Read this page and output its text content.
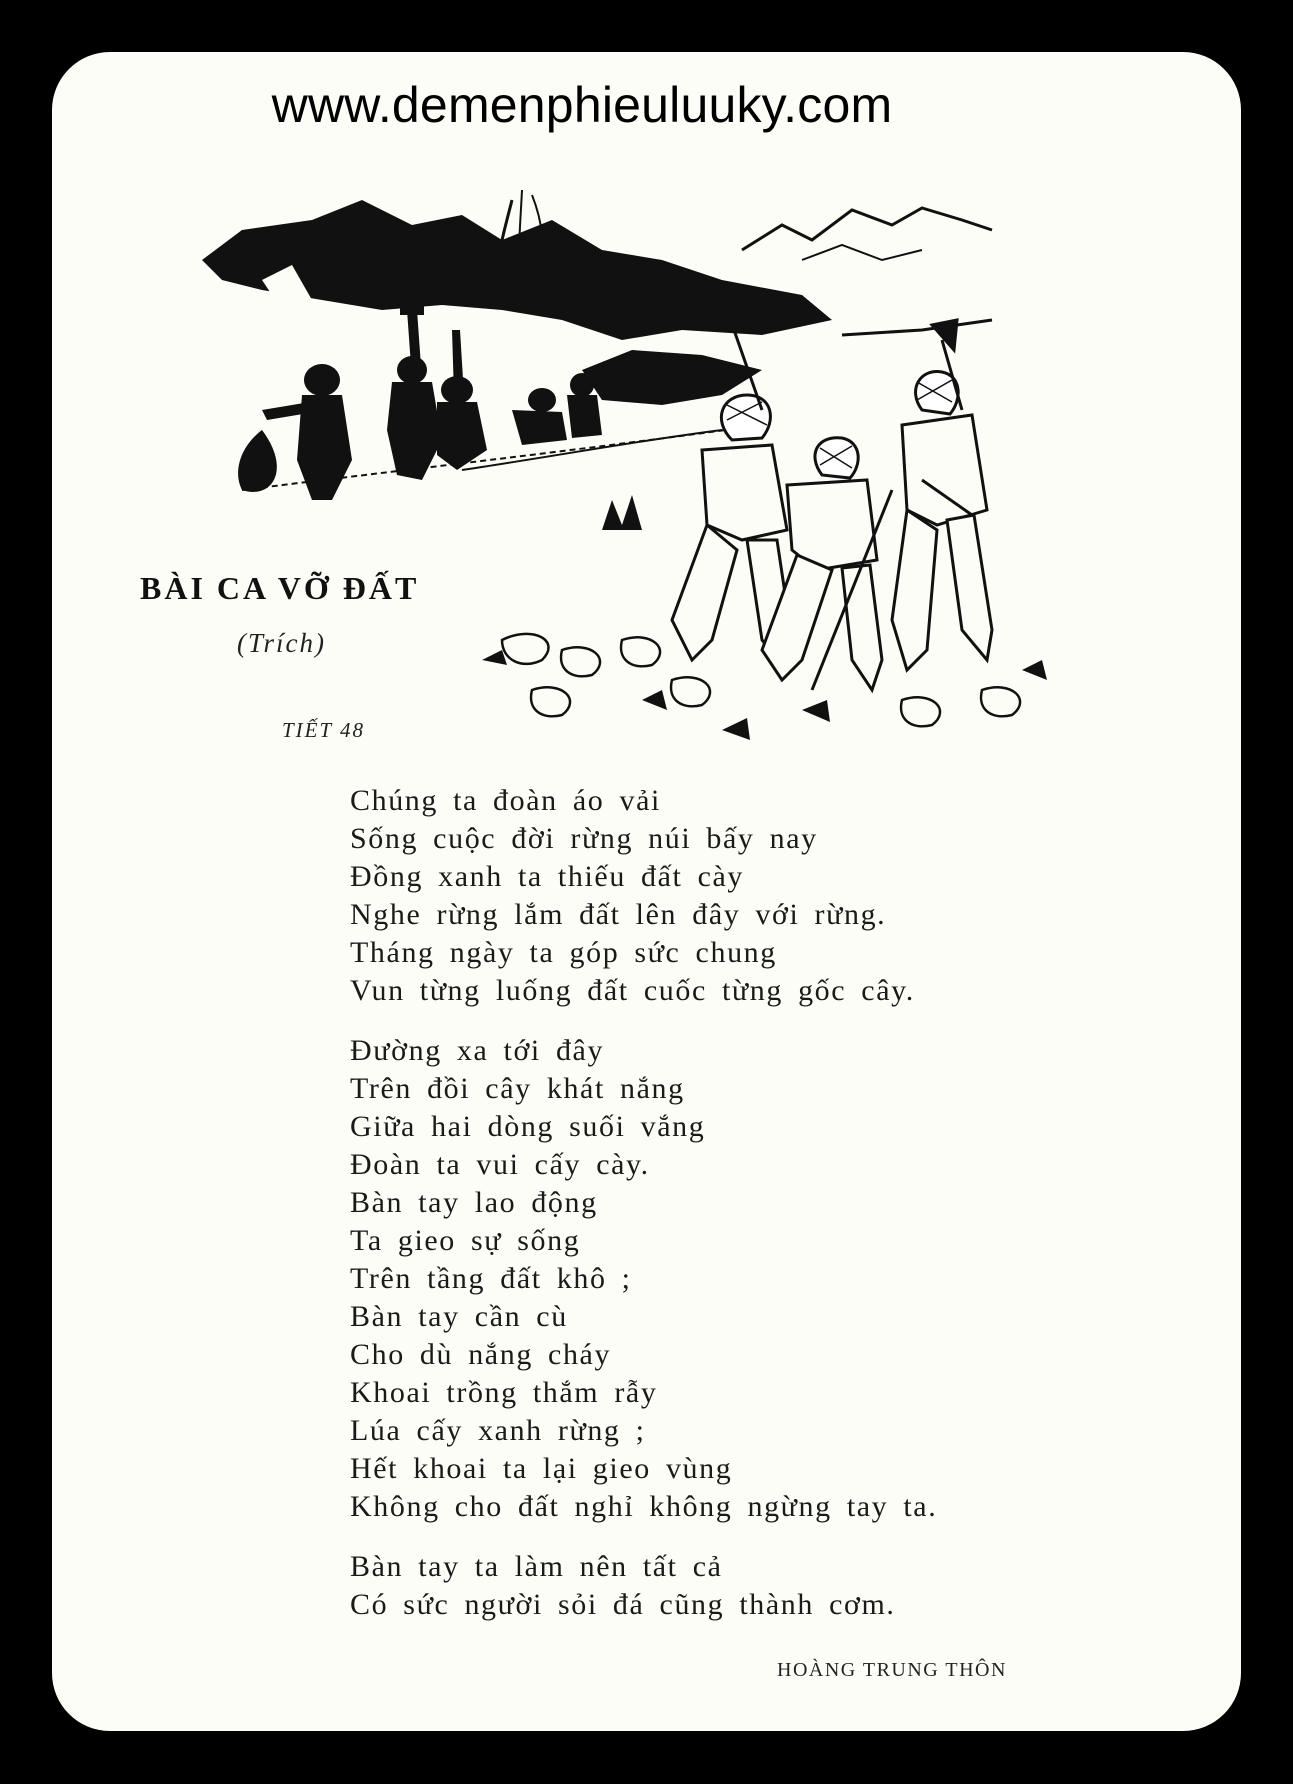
www.demenphieuluuky.com
BÀI CA VỠ ĐẤT
(Trích)
TIẾT 48
Chúng ta đoàn áo vải
Sống cuộc đời rừng núi bấy nay
Đồng xanh ta thiếu đất cày
Nghe rừng lắm đất lên đây với rừng.
Tháng ngày ta góp sức chung
Vun từng luống đất cuốc từng gốc cây.
Đường xa tới đây
Trên đồi cây khát nắng
Giữa hai dòng suối vắng
Đoàn ta vui cấy cày.
Bàn tay lao động
Ta gieo sự sống
Trên tầng đất khô ;
Bàn tay cần cù
Cho dù nắng cháy
Khoai trồng thắm rẫy
Lúa cấy xanh rừng ;
Hết khoai ta lại gieo vùng
Không cho đất nghỉ không ngừng tay ta.
Bàn tay ta làm nên tất cả
Có sức người sỏi đá cũng thành cơm.
HOÀNG TRUNG THÔN
